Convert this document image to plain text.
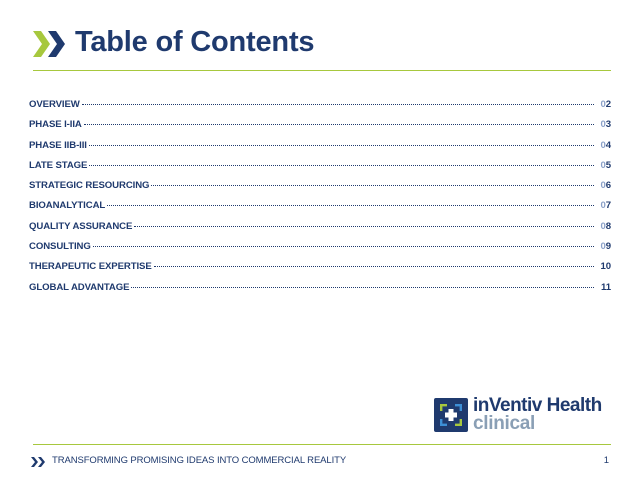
Table of Contents
OVERVIEW	02
PHASE I-IIA	03
PHASE IIB-III	04
LATE STAGE	05
STRATEGIC RESOURCING	06
BIOANALYTICAL	07
QUALITY ASSURANCE	08
CONSULTING	09
THERAPEUTIC EXPERTISE	10
GLOBAL ADVANTAGE	11
inVentiv Health
clinical
TRANSFORMING PROMISING IDEAS INTO COMMERCIAL REALITY	1
